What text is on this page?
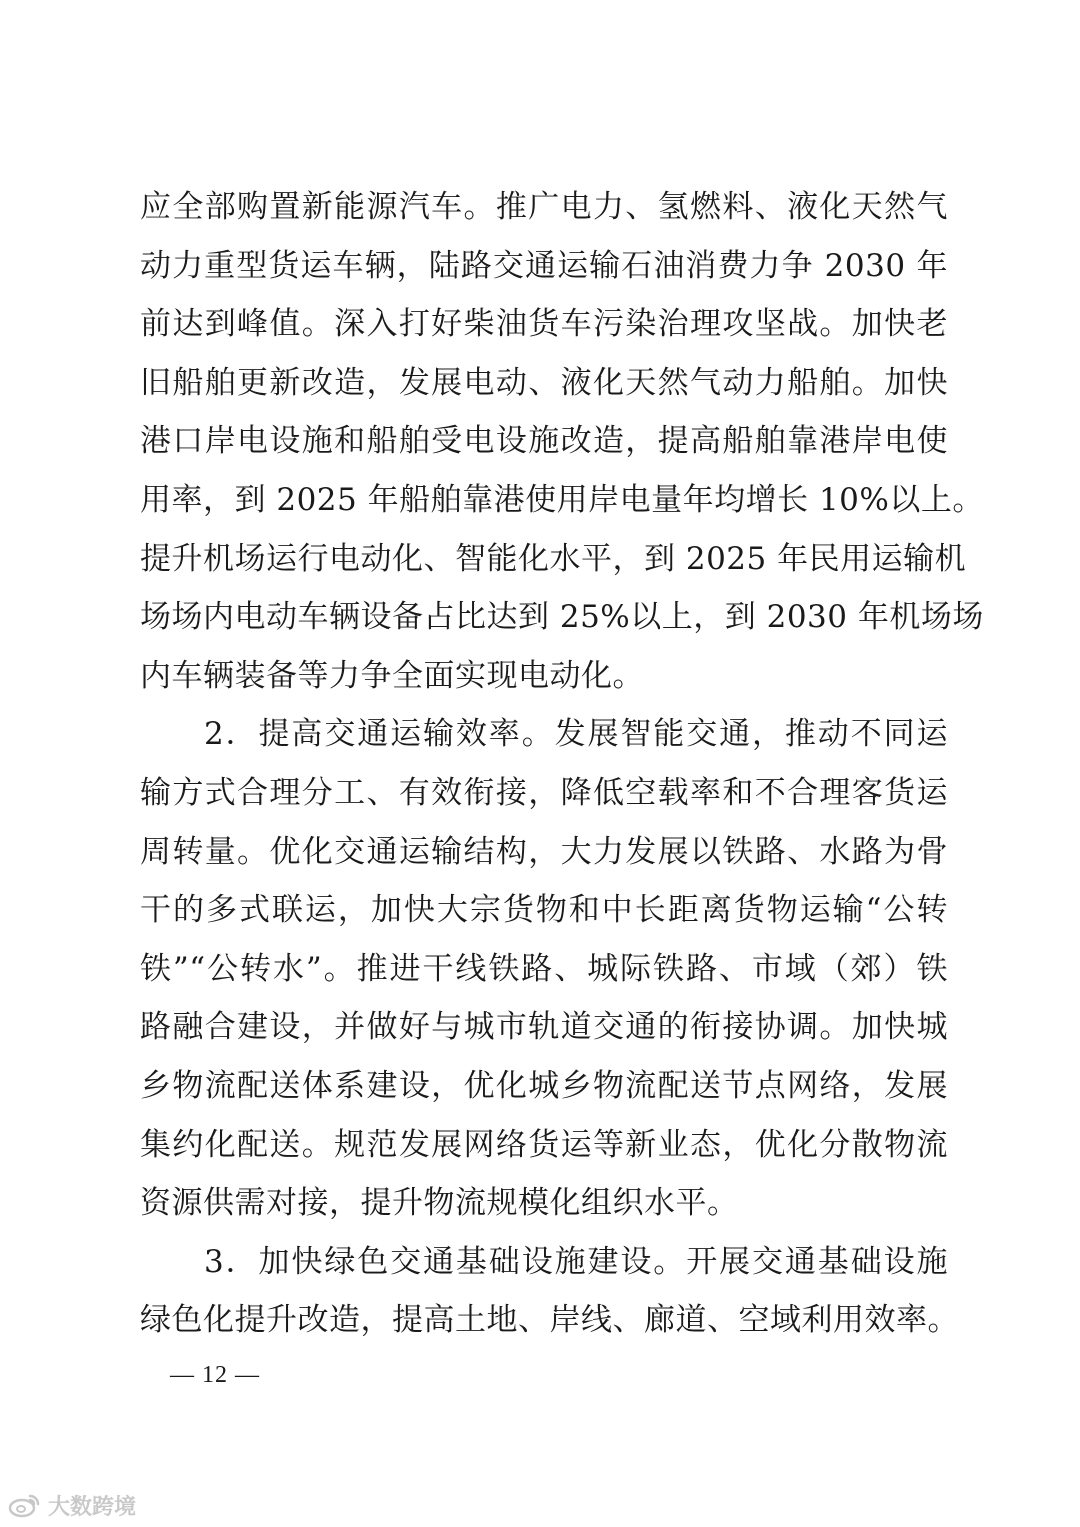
应全部购置新能源汽车。推广电力、氢燃料、液化天然气
动力重型货运车辆，陆路交通运输石油消费力争 2030 年
前达到峰值。深入打好柴油货车污染治理攻坚战。加快老
旧船舶更新改造，发展电动、液化天然气动力船舶。加快
港口岸电设施和船舶受电设施改造，提高船舶靠港岸电使
用率，到 2025 年船舶靠港使用岸电量年均增长 10%以上。
提升机场运行电动化、智能化水平，到 2025 年民用运输机
场场内电动车辆设备占比达到 25%以上，到 2030 年机场场
内车辆装备等力争全面实现电动化。
2．提高交通运输效率。发展智能交通，推动不同运
输方式合理分工、有效衔接，降低空载率和不合理客货运
周转量。优化交通运输结构，大力发展以铁路、水路为骨
干的多式联运，加快大宗货物和中长距离货物运输“公转
铁”“公转水”。推进干线铁路、城际铁路、市域（郊）铁
路融合建设，并做好与城市轨道交通的衔接协调。加快城
乡物流配送体系建设，优化城乡物流配送节点网络，发展
集约化配送。规范发展网络货运等新业态，优化分散物流
资源供需对接，提升物流规模化组织水平。
3．加快绿色交通基础设施建设。开展交通基础设施
绿色化提升改造，提高土地、岸线、廊道、空域利用效率。
— 12 —
大数跨境
